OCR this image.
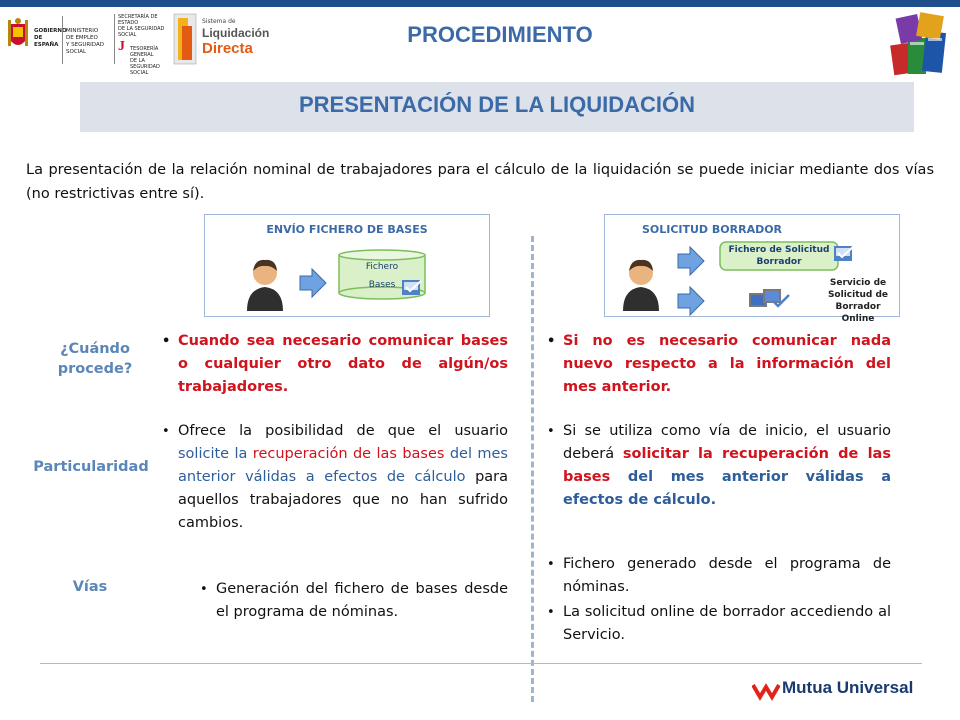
GOBIERNO
DE ESPAÑA
MINISTERIO
DE EMPLEO
Y SEGURIDAD SOCIAL
SECRETARÍA DE ESTADO
DE LA SEGURIDAD SOCIAL
J TESORERÍA GENERAL
DE LA SEGURIDAD SOCIAL
Sistema de
Liquidación
Directa
PROCEDIMIENTO
PRESENTACIÓN DE LA LIQUIDACIÓN
La presentación de la relación nominal de trabajadores para el cálculo de la liquidación se puede iniciar mediante dos vías (no restrictivas entre sí).
ENVÍO FICHERO DE BASES
Fichero
Bases
SOLICITUD BORRADOR
Fichero de Solicitud
Borrador
Servicio de
Solicitud de
Borrador Online
¿Cuándo
procede?
Particularidad
Vías
• Cuando sea necesario comunicar bases o cualquier otro dato de algún/os trabajadores.
• Ofrece la posibilidad de que el usuario solicite la recuperación de las bases del mes anterior válidas a efectos de cálculo para aquellos trabajadores que no han sufrido cambios.
• Generación del fichero de bases desde el programa de nóminas.
• Si no es necesario comunicar nada nuevo respecto a la información del mes anterior.
• Si se utiliza como vía de inicio, el usuario deberá solicitar la recuperación de las bases del mes anterior válidas a efectos de cálculo.
• Fichero generado desde el programa de nóminas.
• La solicitud online de borrador accediendo al Servicio.
Mutua Universal
